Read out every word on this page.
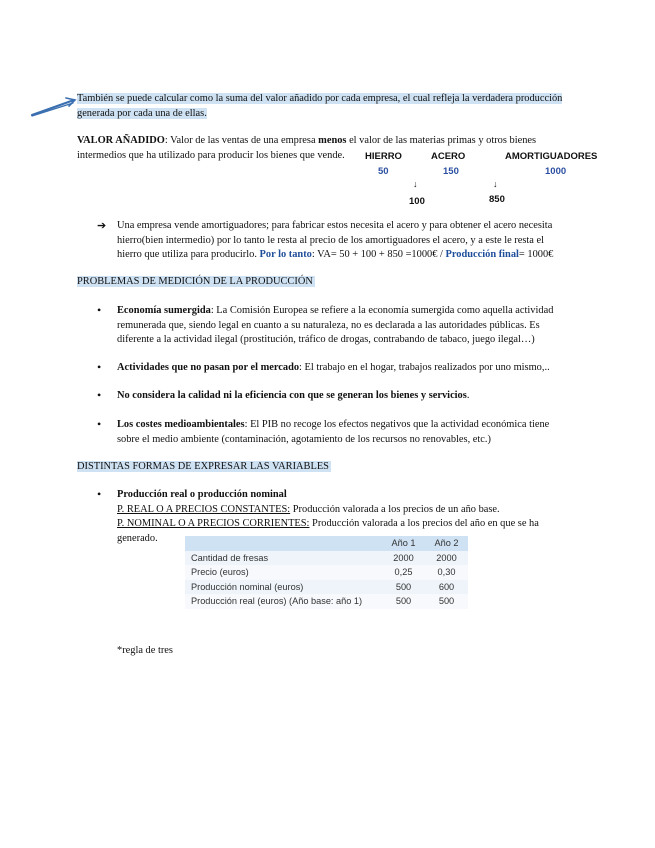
También se puede calcular como la suma del valor añadido por cada empresa, el cual refleja la verdadera producción
generada por cada una de ellas.
VALOR AÑADIDO: Valor de las ventas de una empresa menos el valor de las materias primas y otros bienes
intermedios que ha utilizado para producir los bienes que vende.	HIERRO	ACERO	AMORTIGUADORES
50	150	1000
↓	↓
100	850
➔ Una empresa vende amortiguadores; para fabricar estos necesita el acero y para obtener el acero necesita
hierro(bien intermedio) por lo tanto le resta al precio de los amortiguadores el acero, y a este le resta el
hierro que utiliza para producirlo. Por lo tanto: VA= 50 + 100 + 850 =1000€ / Producción final= 1000€
PROBLEMAS DE MEDICIÓN DE LA PRODUCCIÓN
• Economía sumergida: La Comisión Europea se refiere a la economía sumergida como aquella actividad
remunerada que, siendo legal en cuanto a su naturaleza, no es declarada a las autoridades públicas. Es
diferente a la actividad ilegal (prostitución, tráfico de drogas, contrabando de tabaco, juego ilegal…)
• Actividades que no pasan por el mercado: El trabajo en el hogar, trabajos realizados por uno mismo,..
• No considera la calidad ni la eficiencia con que se generan los bienes y servicios.
• Los costes medioambientales: El PIB no recoge los efectos negativos que la actividad económica tiene
sobre el medio ambiente (contaminación, agotamiento de los recursos no renovables, etc.)
DISTINTAS FORMAS DE EXPRESAR LAS VARIABLES
• Producción real o producción nominal
P. REAL O A PRECIOS CONSTANTES: Producción valorada a los precios de un año base.
P. NOMINAL O A PRECIOS CORRIENTES: Producción valorada a los precios del año en que se ha
generado.
		Año 1	Año 2
Cantidad de fresas	2000	2000
Precio (euros)	0,25	0,30
Producción nominal (euros)	500	600
Producción real (euros) (Año base: año 1)	500	500
*regla de tres
